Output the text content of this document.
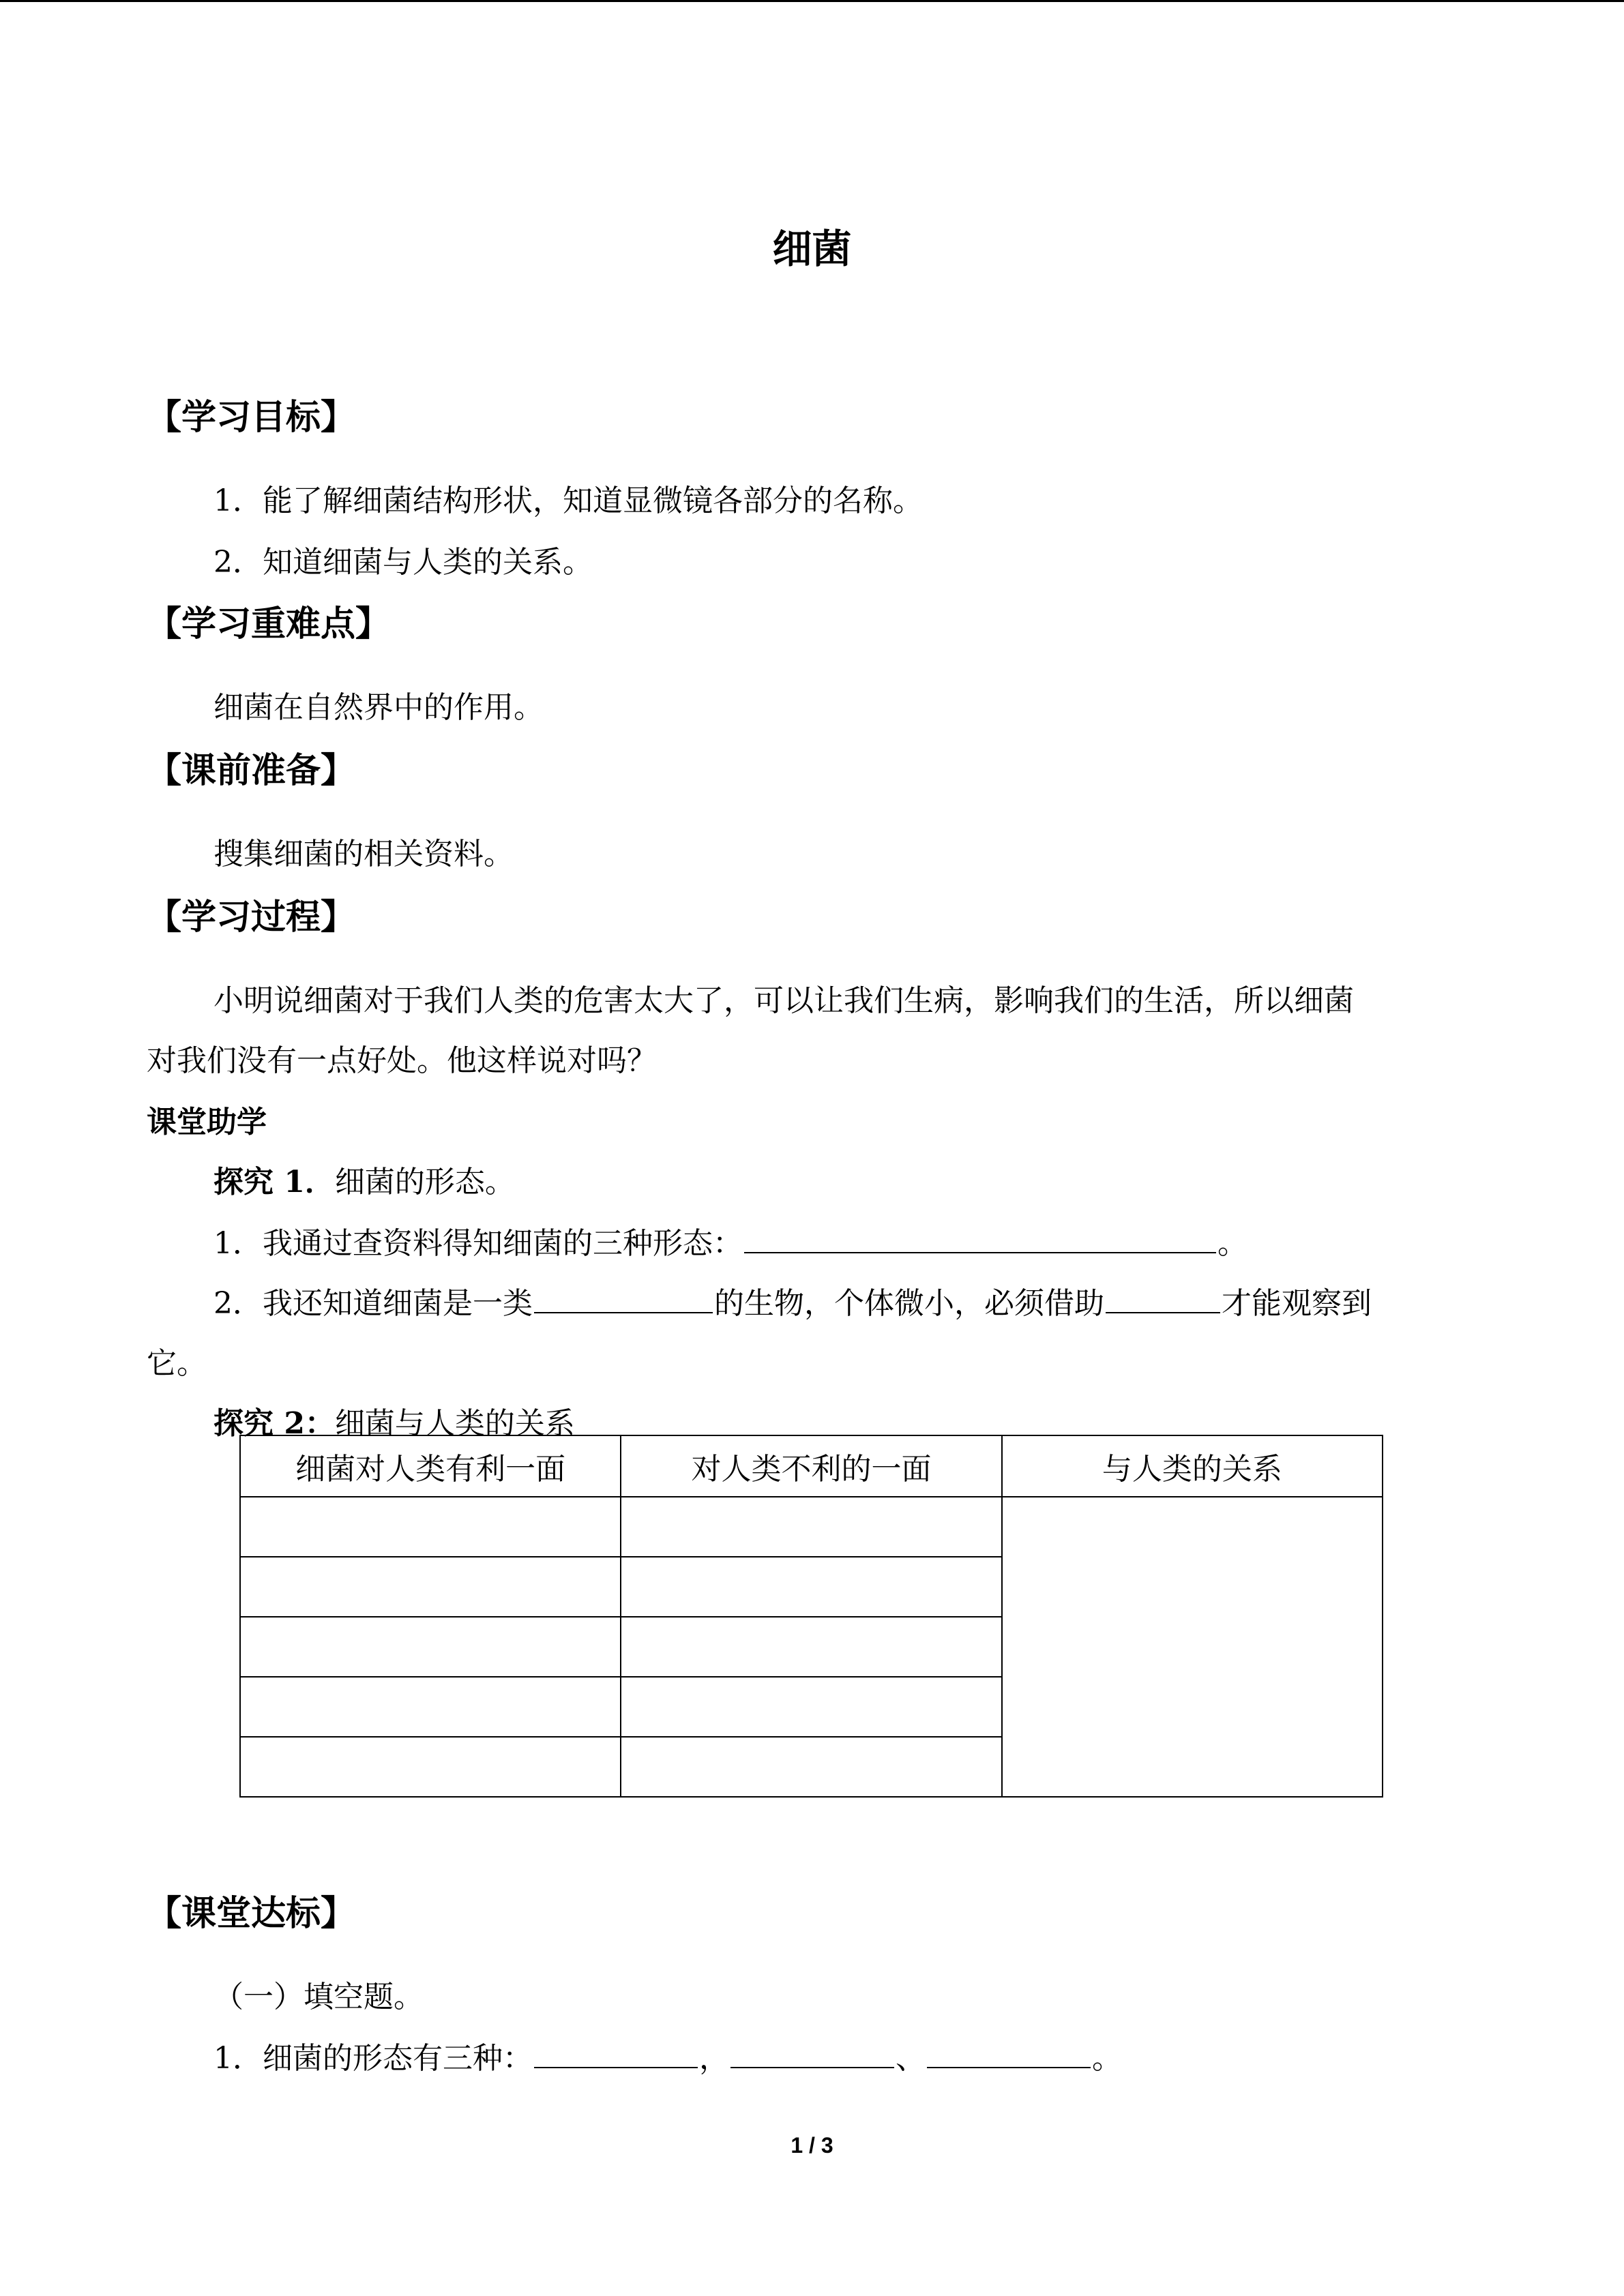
细菌
【学习目标】
1．能了解细菌结构形状，知道显微镜各部分的名称。
2．知道细菌与人类的关系。
【学习重难点】
细菌在自然界中的作用。
【课前准备】
搜集细菌的相关资料。
【学习过程】
小明说细菌对于我们人类的危害太大了，可以让我们生病，影响我们的生活，所以细菌
对我们没有一点好处。他这样说对吗？
课堂助学
探究 1．细菌的形态。
1．我通过查资料得知细菌的三种形态：	。
2．我还知道细菌是一类	的生物，个体微小，必须借助	才能观察到
它。
探究 2：细菌与人类的关系
细菌对人类有利一面	对人类不利的一面	与人类的关系

【课堂达标】
（一）填空题。
1．细菌的形态有三种：	，	、	。
1 / 3
